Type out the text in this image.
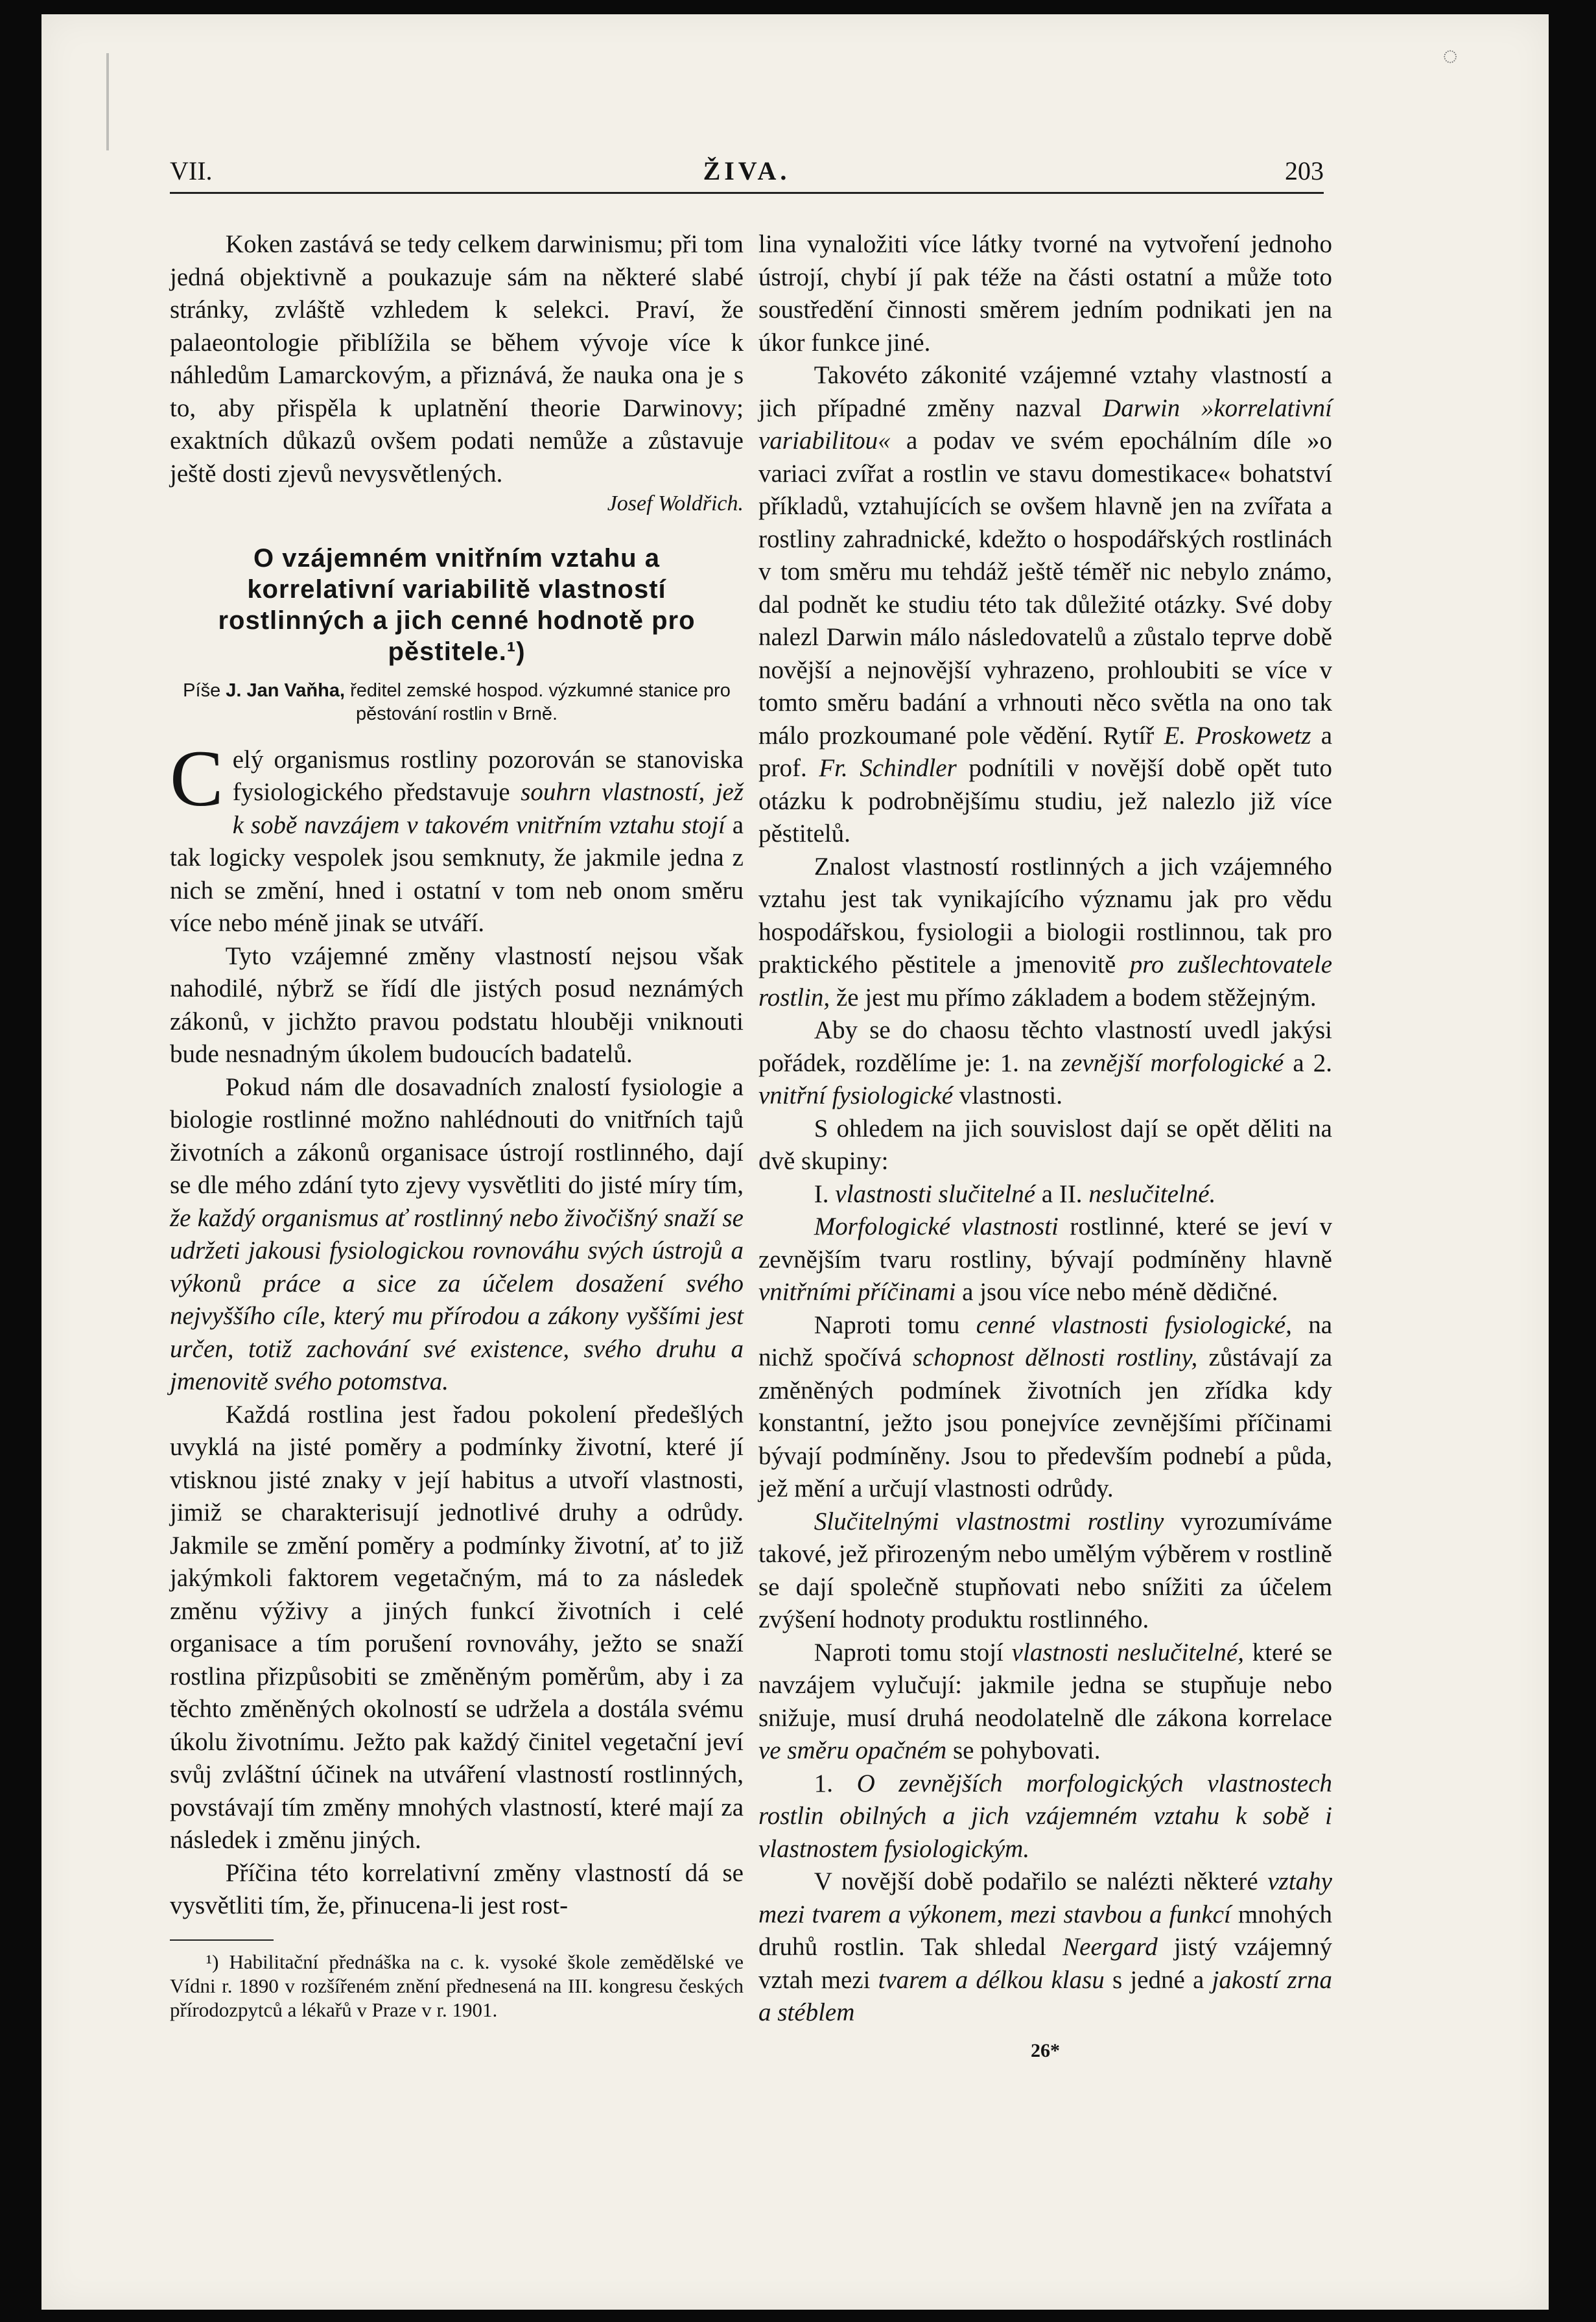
◌
VII.	ŽIVA.	203

Koken zastává se tedy celkem darwinismu; při tom jedná objektivně a poukazuje sám na některé slabé stránky, zvláště vzhledem k selekci. Praví, že palaeontologie přiblížila se během vývoje více k náhledům Lamarckovým, a přiznává, že nauka ona je s to, aby přispěla k uplatnění theorie Darwinovy; exaktních důkazů ovšem podati nemůže a zůstavuje ještě dosti zjevů nevysvětlených.

Josef Woldřich.
O vzájemném vnitřním vztahu a korrelativní variabilitě vlastností rostlinných a jich cenné hodnotě pro pěstitele.¹)
Píše J. Jan Vaňha, ředitel zemské hospod. výzkumné stanice pro pěstování rostlin v Brně.

Celý organismus rostliny pozorován se stanoviska fysiologického představuje souhrn vlastností, jež k sobě navzájem v takovém vnitřním vztahu stojí a tak logicky vespolek jsou semknuty, že jakmile jedna z nich se změní, hned i ostatní v tom neb onom směru více nebo méně jinak se utváří.

Tyto vzájemné změny vlastností nejsou však nahodilé, nýbrž se řídí dle jistých posud neznámých zákonů, v jichžto pravou podstatu hlouběji vniknouti bude nesnadným úkolem budoucích badatelů.

Pokud nám dle dosavadních znalostí fysiologie a biologie rostlinné možno nahlédnouti do vnitřních tajů životních a zákonů organisace ústrojí rostlinného, dají se dle mého zdání tyto zjevy vysvětliti do jisté míry tím, že každý organismus ať rostlinný nebo živočišný snaží se udržeti jakousi fysiologickou rovnováhu svých ústrojů a výkonů práce a sice za účelem dosažení svého nejvyššího cíle, který mu přírodou a zákony vyššími jest určen, totiž zachování své existence, svého druhu a jmenovitě svého potomstva.

Každá rostlina jest řadou pokolení předešlých uvyklá na jisté poměry a podmínky životní, které jí vtisknou jisté znaky v její habitus a utvoří vlastnosti, jimiž se charakterisují jednotlivé druhy a odrůdy. Jakmile se změní poměry a podmínky životní, ať to již jakýmkoli faktorem vegetačným, má to za následek změnu výživy a jiných funkcí životních i celé organisace a tím porušení rovnováhy, ježto se snaží rostlina přizpůsobiti se změněným poměrům, aby i za těchto změněných okolností se udržela a dostála svému úkolu životnímu. Ježto pak každý činitel vegetační jeví svůj zvláštní účinek na utváření vlastností rostlinných, povstávají tím změny mnohých vlastností, které mají za následek i změnu jiných.

Příčina této korrelativní změny vlastností dá se vysvětliti tím, že, přinucena-li jest rost-

¹) Habilitační přednáška na c. k. vysoké škole zemědělské ve Vídni r. 1890 v rozšířeném znění přednesená na III. kongresu českých přírodozpytců a lékařů v Praze v r. 1901.

lina vynaložiti více látky tvorné na vytvoření jednoho ústrojí, chybí jí pak téže na části ostatní a může toto soustředění činnosti směrem jedním podnikati jen na úkor funkce jiné.

Takovéto zákonité vzájemné vztahy vlastností a jich případné změny nazval Darwin »korrelativní variabilitou« a podav ve svém epochálním díle »o variaci zvířat a rostlin ve stavu domestikace« bohatství příkladů, vztahujících se ovšem hlavně jen na zvířata a rostliny zahradnické, kdežto o hospodářských rostlinách v tom směru mu tehdáž ještě téměř nic nebylo známo, dal podnět ke studiu této tak důležité otázky. Své doby nalezl Darwin málo následovatelů a zůstalo teprve době novější a nejnovější vyhrazeno, prohloubiti se více v tomto směru badání a vrhnouti něco světla na ono tak málo prozkoumané pole vědění. Rytíř E. Proskowetz a prof. Fr. Schindler podnítili v novější době opět tuto otázku k podrobnějšímu studiu, jež nalezlo již více pěstitelů.

Znalost vlastností rostlinných a jich vzájemného vztahu jest tak vynikajícího významu jak pro vědu hospodářskou, fysiologii a biologii rostlinnou, tak pro praktického pěstitele a jmenovitě pro zušlechtovatele rostlin, že jest mu přímo základem a bodem stěžejným.

Aby se do chaosu těchto vlastností uvedl jakýsi pořádek, rozdělíme je: 1. na zevnější morfologické a 2. vnitřní fysiologické vlastnosti.

S ohledem na jich souvislost dají se opět děliti na dvě skupiny:

I. vlastnosti slučitelné a II. neslučitelné.

Morfologické vlastnosti rostlinné, které se jeví v zevnějším tvaru rostliny, bývají podmíněny hlavně vnitřními příčinami a jsou více nebo méně dědičné.

Naproti tomu cenné vlastnosti fysiologické, na nichž spočívá schopnost dělnosti rostliny, zůstávají za změněných podmínek životních jen zřídka kdy konstantní, ježto jsou ponejvíce zevnějšími příčinami bývají podmíněny. Jsou to především podnebí a půda, jež mění a určují vlastnosti odrůdy.

Slučitelnými vlastnostmi rostliny vyrozumíváme takové, jež přirozeným nebo umělým výběrem v rostlině se dají společně stupňovati nebo snížiti za účelem zvýšení hodnoty produktu rostlinného.

Naproti tomu stojí vlastnosti neslučitelné, které se navzájem vylučují: jakmile jedna se stupňuje nebo snižuje, musí druhá neodolatelně dle zákona korrelace ve směru opačném se pohybovati.

1. O zevnějších morfologických vlastnostech rostlin obilných a jich vzájemném vztahu k sobě i vlastnostem fysiologickým.

V novější době podařilo se nalézti některé vztahy mezi tvarem a výkonem, mezi stavbou a funkcí mnohých druhů rostlin. Tak shledal Neergard jistý vzájemný vztah mezi tvarem a délkou klasu s jedné a jakostí zrna a stéblem

26*
